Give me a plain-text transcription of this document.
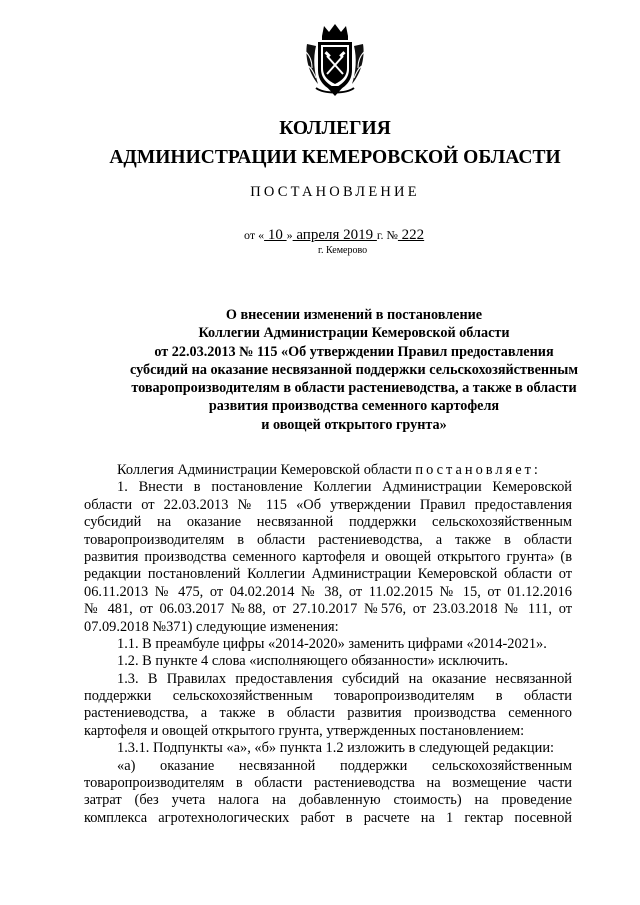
КОЛЛЕГИЯ
АДМИНИСТРАЦИИ КЕМЕРОВСКОЙ ОБЛАСТИ
ПОСТАНОВЛЕНИЕ
от « 10 » апреля 2019 г. № 222
г. Кемерово
О внесении изменений в постановление
Коллегии Администрации Кемеровской области
от 22.03.2013 № 115 «Об утверждении Правил предоставления
субсидий на оказание несвязанной поддержки сельскохозяйственным
товаропроизводителям в области растениеводства, а также в области
развития производства семенного картофеля
и овощей открытого грунта»
Коллегия Администрации Кемеровской области постановляет:
1. Внести в постановление Коллегии Администрации Кемеровской
области от 22.03.2013 № 115 «Об утверждении Правил предоставления
субсидий на оказание несвязанной поддержки сельскохозяйственным
товаропроизводителям в области растениеводства, а также в области
развития производства семенного картофеля и овощей открытого грунта» (в
редакции постановлений Коллегии Администрации Кемеровской области от
06.11.2013 № 475, от 04.02.2014 № 38, от 11.02.2015 № 15, от 01.12.2016
№ 481, от 06.03.2017 №88, от 27.10.2017 №576, от 23.03.2018 № 111, от
07.09.2018 №371) следующие изменения:
1.1. В преамбуле цифры «2014-2020» заменить цифрами «2014-2021».
1.2. В пункте 4 слова «исполняющего обязанности» исключить.
1.3. В Правилах предоставления субсидий на оказание несвязанной
поддержки сельскохозяйственным товаропроизводителям в области
растениеводства, а также в области развития производства семенного
картофеля и овощей открытого грунта, утвержденных постановлением:
1.3.1. Подпункты «а», «б» пункта 1.2 изложить в следующей редакции:
«а) оказание несвязанной поддержки сельскохозяйственным
товаропроизводителям в области растениеводства на возмещение части
затрат (без учета налога на добавленную стоимость) на проведение
комплекса агротехнологических работ в расчете на 1 гектар посевной
